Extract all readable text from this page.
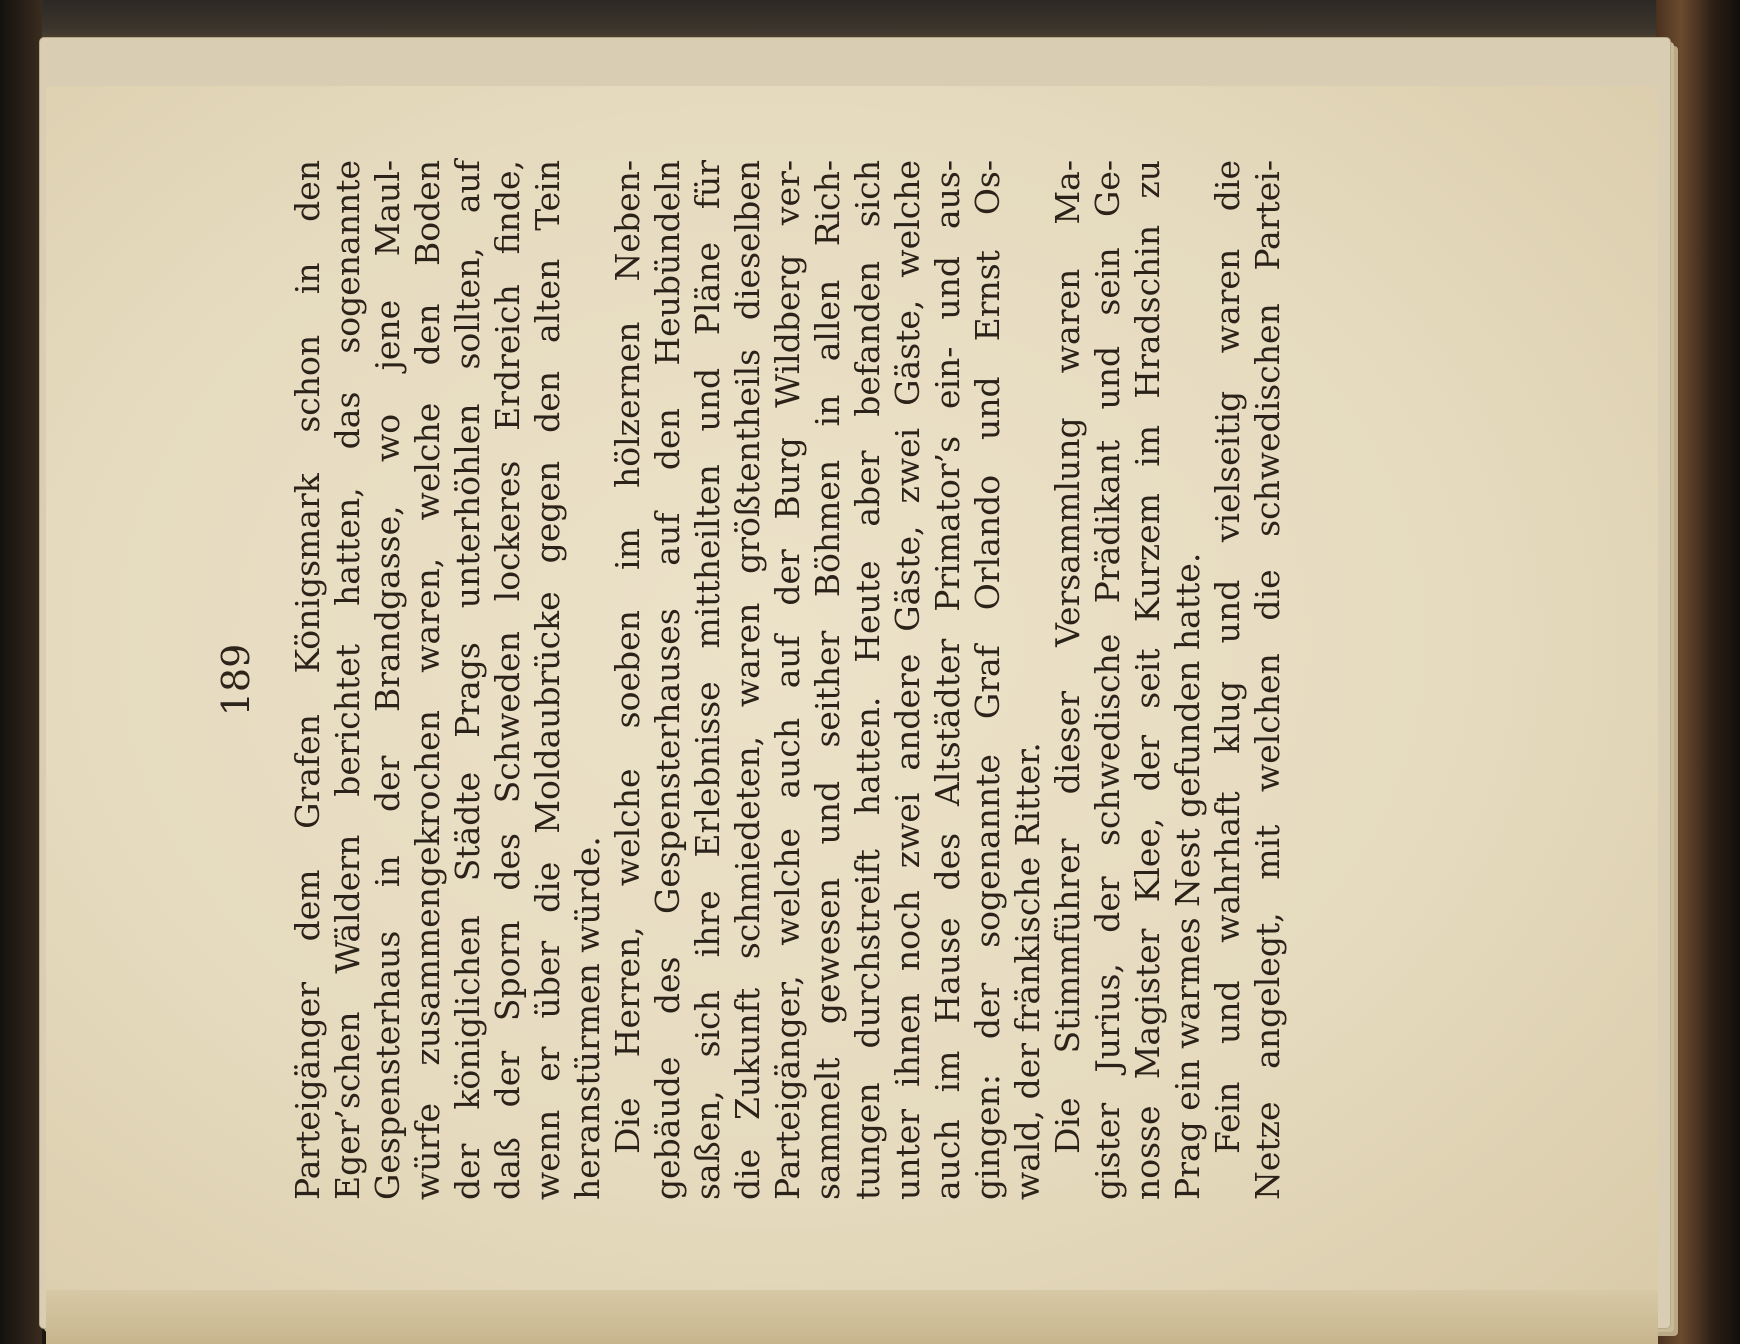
189 Parteigänger dem Grafen Königsmark schon in den Eger’schen Wäldern berichtet hatten, das sogenannte Gespensterhaus in der Brandgasse, wo jene Maul- würfe zusammengekrochen waren, welche den Boden der königlichen Städte Prags unterhöhlen sollten, auf daß der Sporn des Schweden lockeres Erdreich finde, wenn er über die Moldaubrücke gegen den alten Tein heranstürmen würde. Die Herren, welche soeben im hölzernen Neben- gebäude des Gespensterhauses auf den Heubündeln saßen, sich ihre Erlebnisse mittheilten und Pläne für die Zukunft schmiedeten, waren größtentheils dieselben Parteigänger, welche auch auf der Burg Wildberg ver- sammelt gewesen und seither Böhmen in allen Rich- tungen durchstreift hatten. Heute aber befanden sich unter ihnen noch zwei andere Gäste, zwei Gäste, welche auch im Hause des Altstädter Primator’s ein- und aus- gingen: der sogenannte Graf Orlando und Ernst Os- wald, der fränkische Ritter. Die Stimmführer dieser Versammlung waren Ma- gister Jurius, der schwedische Prädikant und sein Ge- nosse Magister Klee, der seit Kurzem im Hradschin zu Prag ein warmes Nest gefunden hatte. Fein und wahrhaft klug und vielseitig waren die Netze angelegt, mit welchen die schwedischen Partei-
